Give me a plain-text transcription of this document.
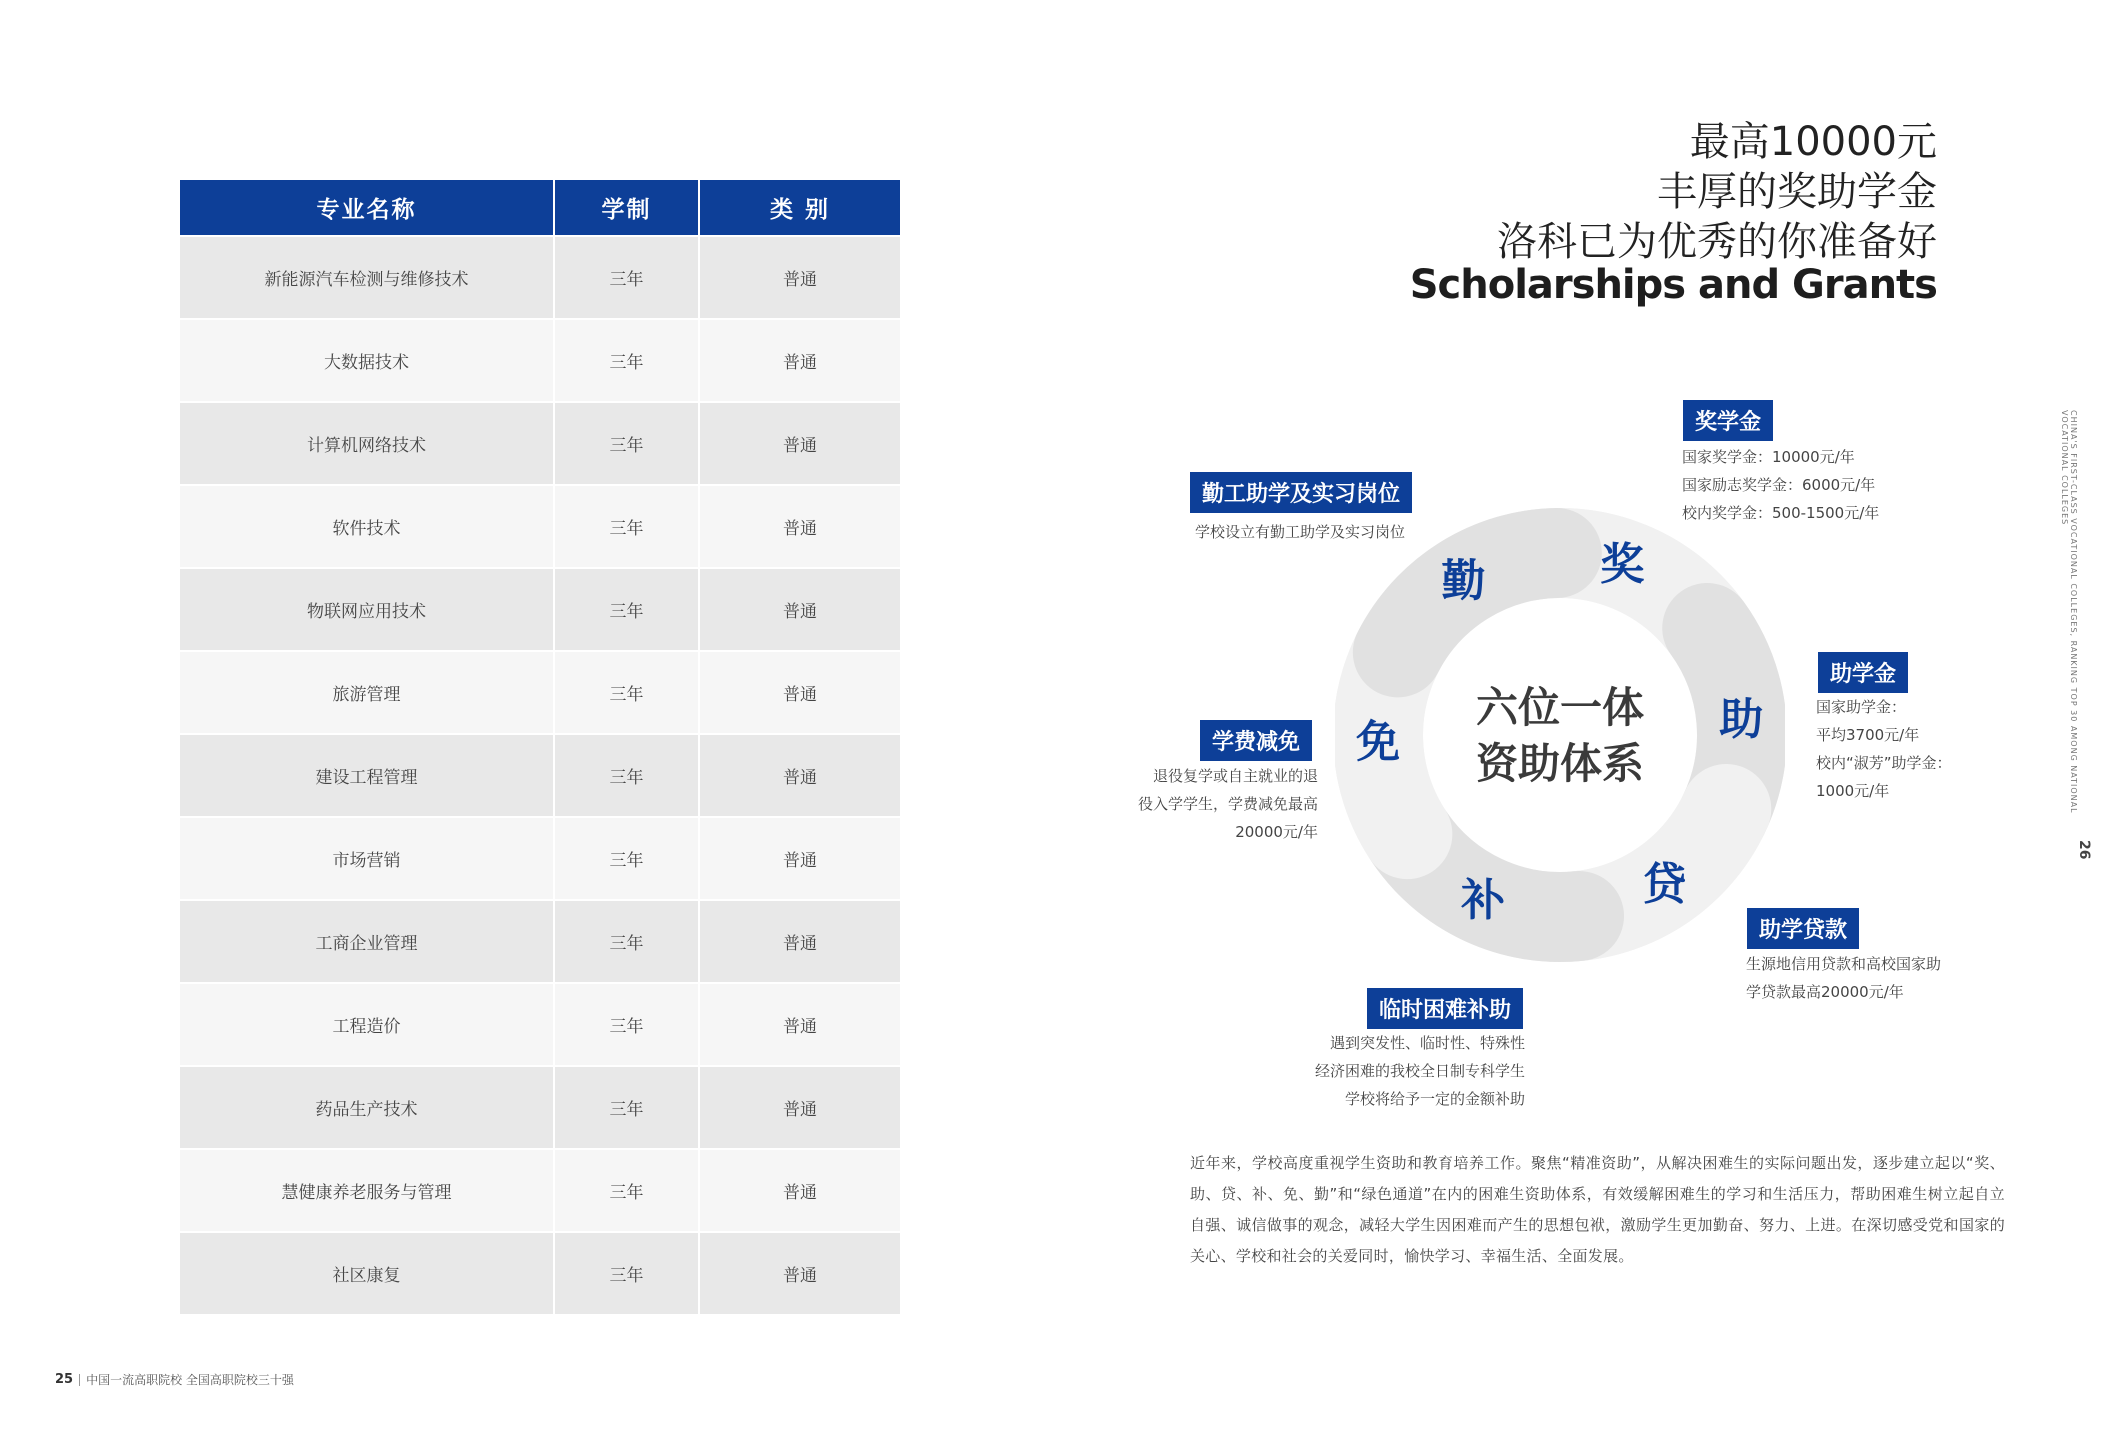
专业名称	学制	类 别
新能源汽车检测与维修技术	三年	普通
大数据技术	三年	普通
计算机网络技术	三年	普通
软件技术	三年	普通
物联网应用技术	三年	普通
旅游管理	三年	普通
建设工程管理	三年	普通
市场营销	三年	普通
工商企业管理	三年	普通
工程造价	三年	普通
药品生产技术	三年	普通
慧健康养老服务与管理	三年	普通
社区康复	三年	普通
25 中国一流高职院校 全国高职院校三十强
最高10000元
丰厚的奖助学金
洛科已为优秀的你准备好
Scholarships and Grants
CHINA'S FIRST-CLASS VOCATIONAL COLLEGES, RANKING TOP 30 AMONG NATIONAL VOCATIONAL COLLEGES
26
六位一体
资助体系
奖
助
贷
补
免
勤
奖学金
国家奖学金：10000元/年
国家励志奖学金：6000元/年
校内奖学金：500-1500元/年
助学金
国家助学金：
平均3700元/年
校内“淑芳”助学金：
1000元/年
助学贷款
生源地信用贷款和高校国家助
学贷款最高20000元/年
临时困难补助
遇到突发性、临时性、特殊性
经济困难的我校全日制专科学生
学校将给予一定的金额补助
学费减免
退役复学或自主就业的退
役入学学生，学费减免最高
20000元/年
勤工助学及实习岗位
学校设立有勤工助学及实习岗位
近年来，学校高度重视学生资助和教育培养工作。聚焦“精准资助”，从解决困难生的实际问题出发，逐步建立起以“奖、助、贷、补、免、勤”和“绿色通道”在内的困难生资助体系，有效缓解困难生的学习和生活压力，帮助困难生树立起自立自强、诚信做事的观念，减轻大学生因困难而产生的思想包袱，激励学生更加勤奋、努力、上进。在深切感受党和国家的关心、学校和社会的关爱同时，愉快学习、幸福生活、全面发展。
